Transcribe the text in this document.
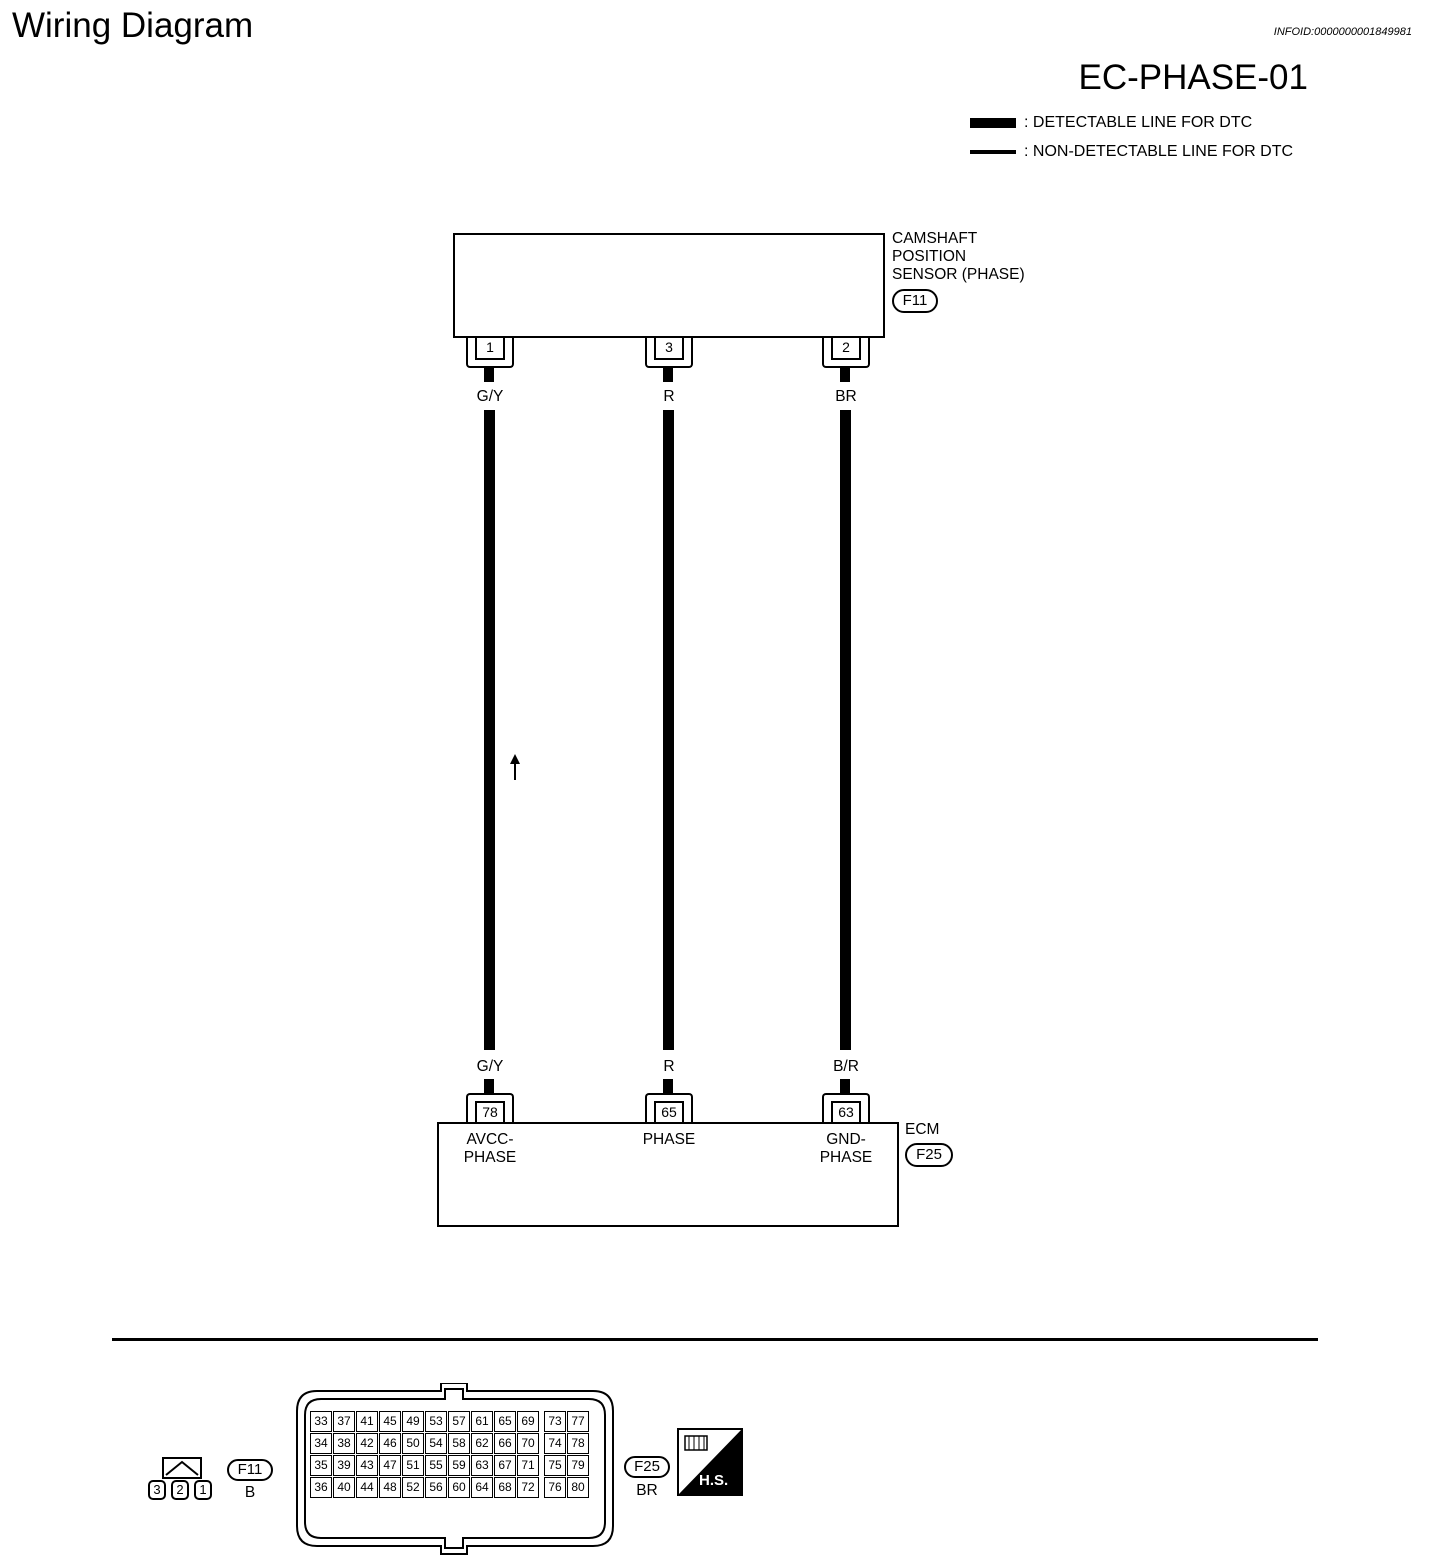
Wiring Diagram	INFOID:0000000001849981
EC-PHASE-01
: DETECTABLE LINE FOR DTC
: NON-DETECTABLE LINE FOR DTC
CAMSHAFT
POSITION
SENSOR (PHASE)
F11
1
G/Y
G/Y
78
3
R
R
65
2
BR
B/R
63
AVCC-
PHASE
PHASE	GND-
PHASE
ECM
F25
3	2	1
F11
B
33 37 41 45 49 53 57 61 65 69	73 77
34 38 42 46 50 54 58 62 66 70	74 78
35 39 43 47 51 55 59 63 67 71	75 79
36 40 44 48 52 56 60 64 68 72	76 80
F25
BR
H.S.
